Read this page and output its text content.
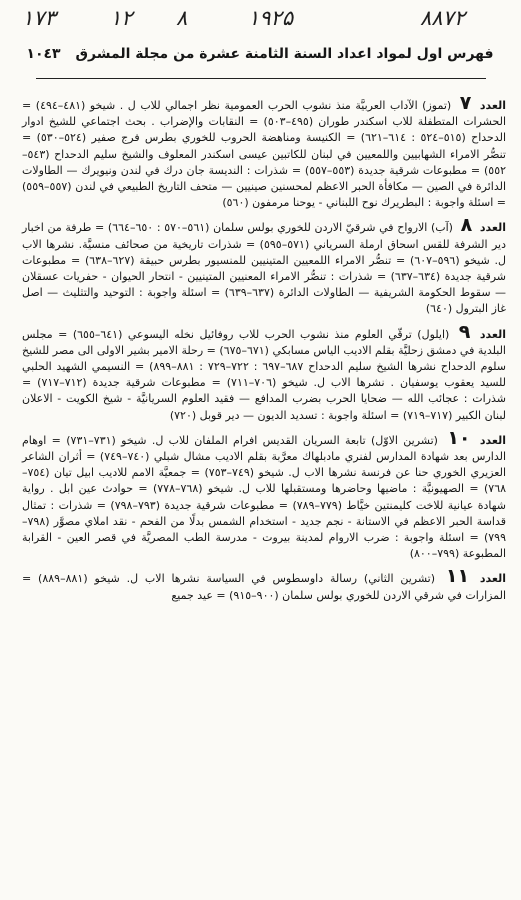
۱۷۳	۱۲ ۸	۱۹۲۵	۸۸۷۲
فهرس اول لمواد اعداد السنة الثامنة عشرة من مجلة المشرق ١٠٤٣

العدد ٧ (تموز) الآداب العربيَّة منذ نشوب الحرب العمومية نظر اجمالي للاب ل . شيخو (٤٨١–٤٩٤) = الحشرات المتطفلة للاب اسكندر طوران (٤٩٥–٥٠٣) = النقابات والإضراب . بحث اجتماعي للشيخ ادوار الدحداح (٥١٥–٥٢٤ : ٦١٤–٦٢١) = الكنيسة ومناهضة الحروب للخوري بطرس فرج صفير (٥٢٤–٥٣٠) = تنصُّر الامراء الشهابيين واللمعيين في لبنان للكاتبين عيسى اسكندر المعلوف والشيخ سليم الدحداح (٥٤٣–٥٥٢) = مطبوعات شرقية جديدة (٥٥٣–٥٥٧) = شذرات : النديسة جان درك في لندن ونيويرك — الطاولات الدائرة في الصين — مكافأة الحبر الاعظم لمحسنين صينيين — متحف التاريخ الطبيعي في لندن (٥٥٧–٥٥٩) = اسئلة واجوبة : البطريرك نوح اللبناني - يوحنا مرمفون (٥٦٠)

العدد ٨ (آب) الارواح في شرقيّ الاردن للخوري بولس سلمان (٥٦١–٥٧٠ : ٦٥٠–٦٦٤) = طرفة من اخبار دير الشرفة للقس اسحاق ارملة السرياني (٥٧١–٥٩٥) = شذرات تاريخية من صحائف منسيَّة. نشرها الاب ل. شيخو (٥٩٦–٦٠٧) = تنصُّر الامراء اللمعيين المتينيين للمنسيور بطرس حبيقة (٦٢٧–٦٣٨) = مطبوعات شرقية جديدة (٦٣٤–٦٣٧) = شذرات : تنصُّر الامراء المعنيين المتينيين - انتحار الحيوان - حفريات عسقلان — سقوط الحكومة الشريفية — الطاولات الدائرة (٦٣٧–٦٣٩) = اسئلة واجوبة : التوحيد والتثليث — اصل غاز البترول (٦٤٠)

العدد ٩ (ايلول) ترقّي العلوم منذ نشوب الحرب للاب روفائيل نخله اليسوعي (٦٤١–٦٥٥) = مجلس البلدية في دمشق زحليَّة بقلم الاديب الياس مسابكي (٦٧١–٦٧٥) = رحلة الامير بشير الاولى الى مصر للشيخ سلوم الدحداح نشرها الشيخ سليم الدحداح ٦٨٧–٦٩٧ : ٧٢٢–٧٢٩ : ٨٨١–٨٩٩) = النسيمي الشهيد الحلبي للسيد يعقوب يوسفيان . نشرها الاب ل. شيخو (٧٠٦–٧١١) = مطبوعات شرقية جديدة (٧١٢–٧١٧) = شذرات : عجائب الله — ضحايا الحرب بضرب المدافع — فقيد العلوم السريانيَّة - شيخ الكويت - الاعلان لبنان الكبير (٧١٧–٧١٩) = اسئلة واجوبة : تسديد الديون — دير قوبل (٧٢٠)

العدد ١٠ (تشرين الاوّل) تابعة السريان القديس افرام الملفان للاب ل. شيخو (٧٣١–٧٣١) = اوهام الدارس بعد شهادة المدارس لفنري مادبلهاك معرَّبة بقلم الاديب مشال شبلي (٧٤٠–٧٤٩) = أثران الشاعر العزيري الخوري حنا عن فرنسة نشرها الاب ل. شيخو (٧٤٩–٧٥٣) = جمعيَّة الامم للاديب ابيل تيان (٧٥٤–٧٦٨) = الصهيونيَّة : ماضيها وحاضرها ومستقبلها للاب ل. شيخو (٧٦٨–٧٧٨) = حوادث عين ابل . رواية شهادة عيانية للاخت كليمنتين خيَّاط (٧٧٩–٧٨٩) = مطبوعات شرقية جديدة (٧٩٣–٧٩٨) = شذرات : تمثال قداسة الحبر الاعظم في الاستانة - نجم جديد - استخدام الشمس بدلًا من الفحم - نقد املاي مصوَّر (٧٩٨–٧٩٩) = اسئلة واجوبة : ضرب الاروام لمدينة بيروت - مدرسة الطب المصريَّة في قصر العين - القرابة المطبوعة (٧٩٩–٨٠٠)

العدد ١١ (تشرين الثاني) رسالة داوسطوس في السياسة نشرها الاب ل. شيخو (٨٨١–٨٨٩) = المزارات في شرقي الاردن للخوري بولس سلمان (٩٠٠–٩١٥) = عيد جميع
